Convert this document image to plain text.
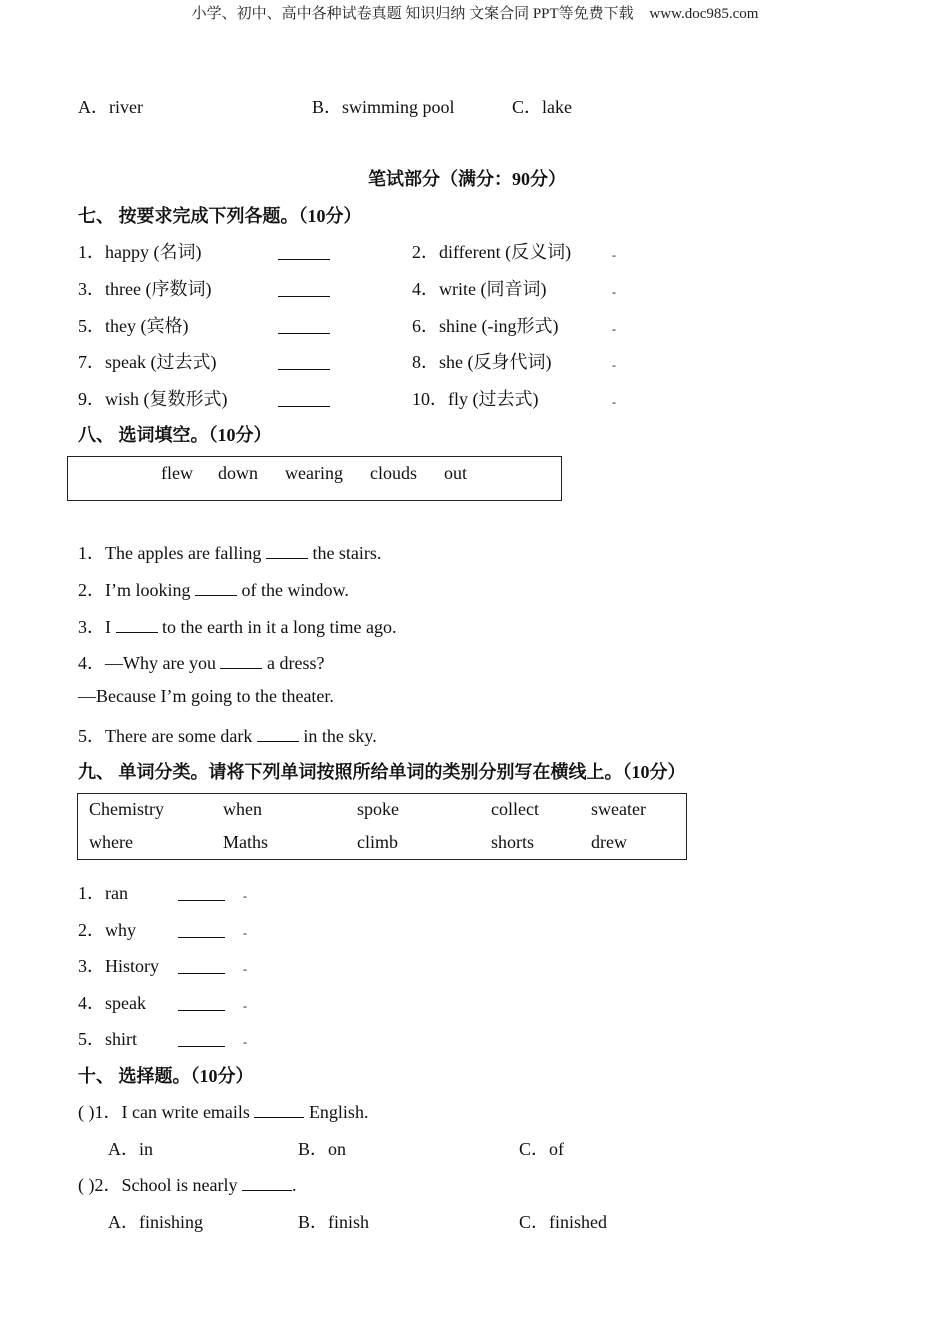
小学、初中、高中各种试卷真题 知识归纳 文案合同 PPT等免费下载 www.doc985.com
A．river	B．swimming pool	C．lake
笔试部分（满分：90分）
七、 按要求完成下列各题。（10分）
1．happy (名词)	2．different (反义词)	-
3．three (序数词)	4．write (同音词)	-
5．they (宾格)	6．shine (-ing形式)	-
7．speak (过去式)	8．she (反身代词)	-
9．wish (复数形式)	10．fly (过去式)	-
八、 选词填空。（10分）
flew down wearing clouds out
1．The apples are falling  the stairs.
2．I’m looking  of the window.
3．I  to the earth in it a long time ago.
4．—Why are you  a dress?
—Because I’m going to the theater.
5．There are some dark  in the sky.
九、 单词分类。请将下列单词按照所给单词的类别分别写在横线上。（10分）
Chemistry	when	spoke	collect	sweater
where	Maths	climb	shorts	drew
1．ran	-
2．why	-
3．History	-
4．speak	-
5．shirt	-
十、 选择题。（10分）
( )1．I can write emails	English.
A．in	B．on	C．of
( )2．School is nearly	.
A．finishing	B．finish	C．finished
